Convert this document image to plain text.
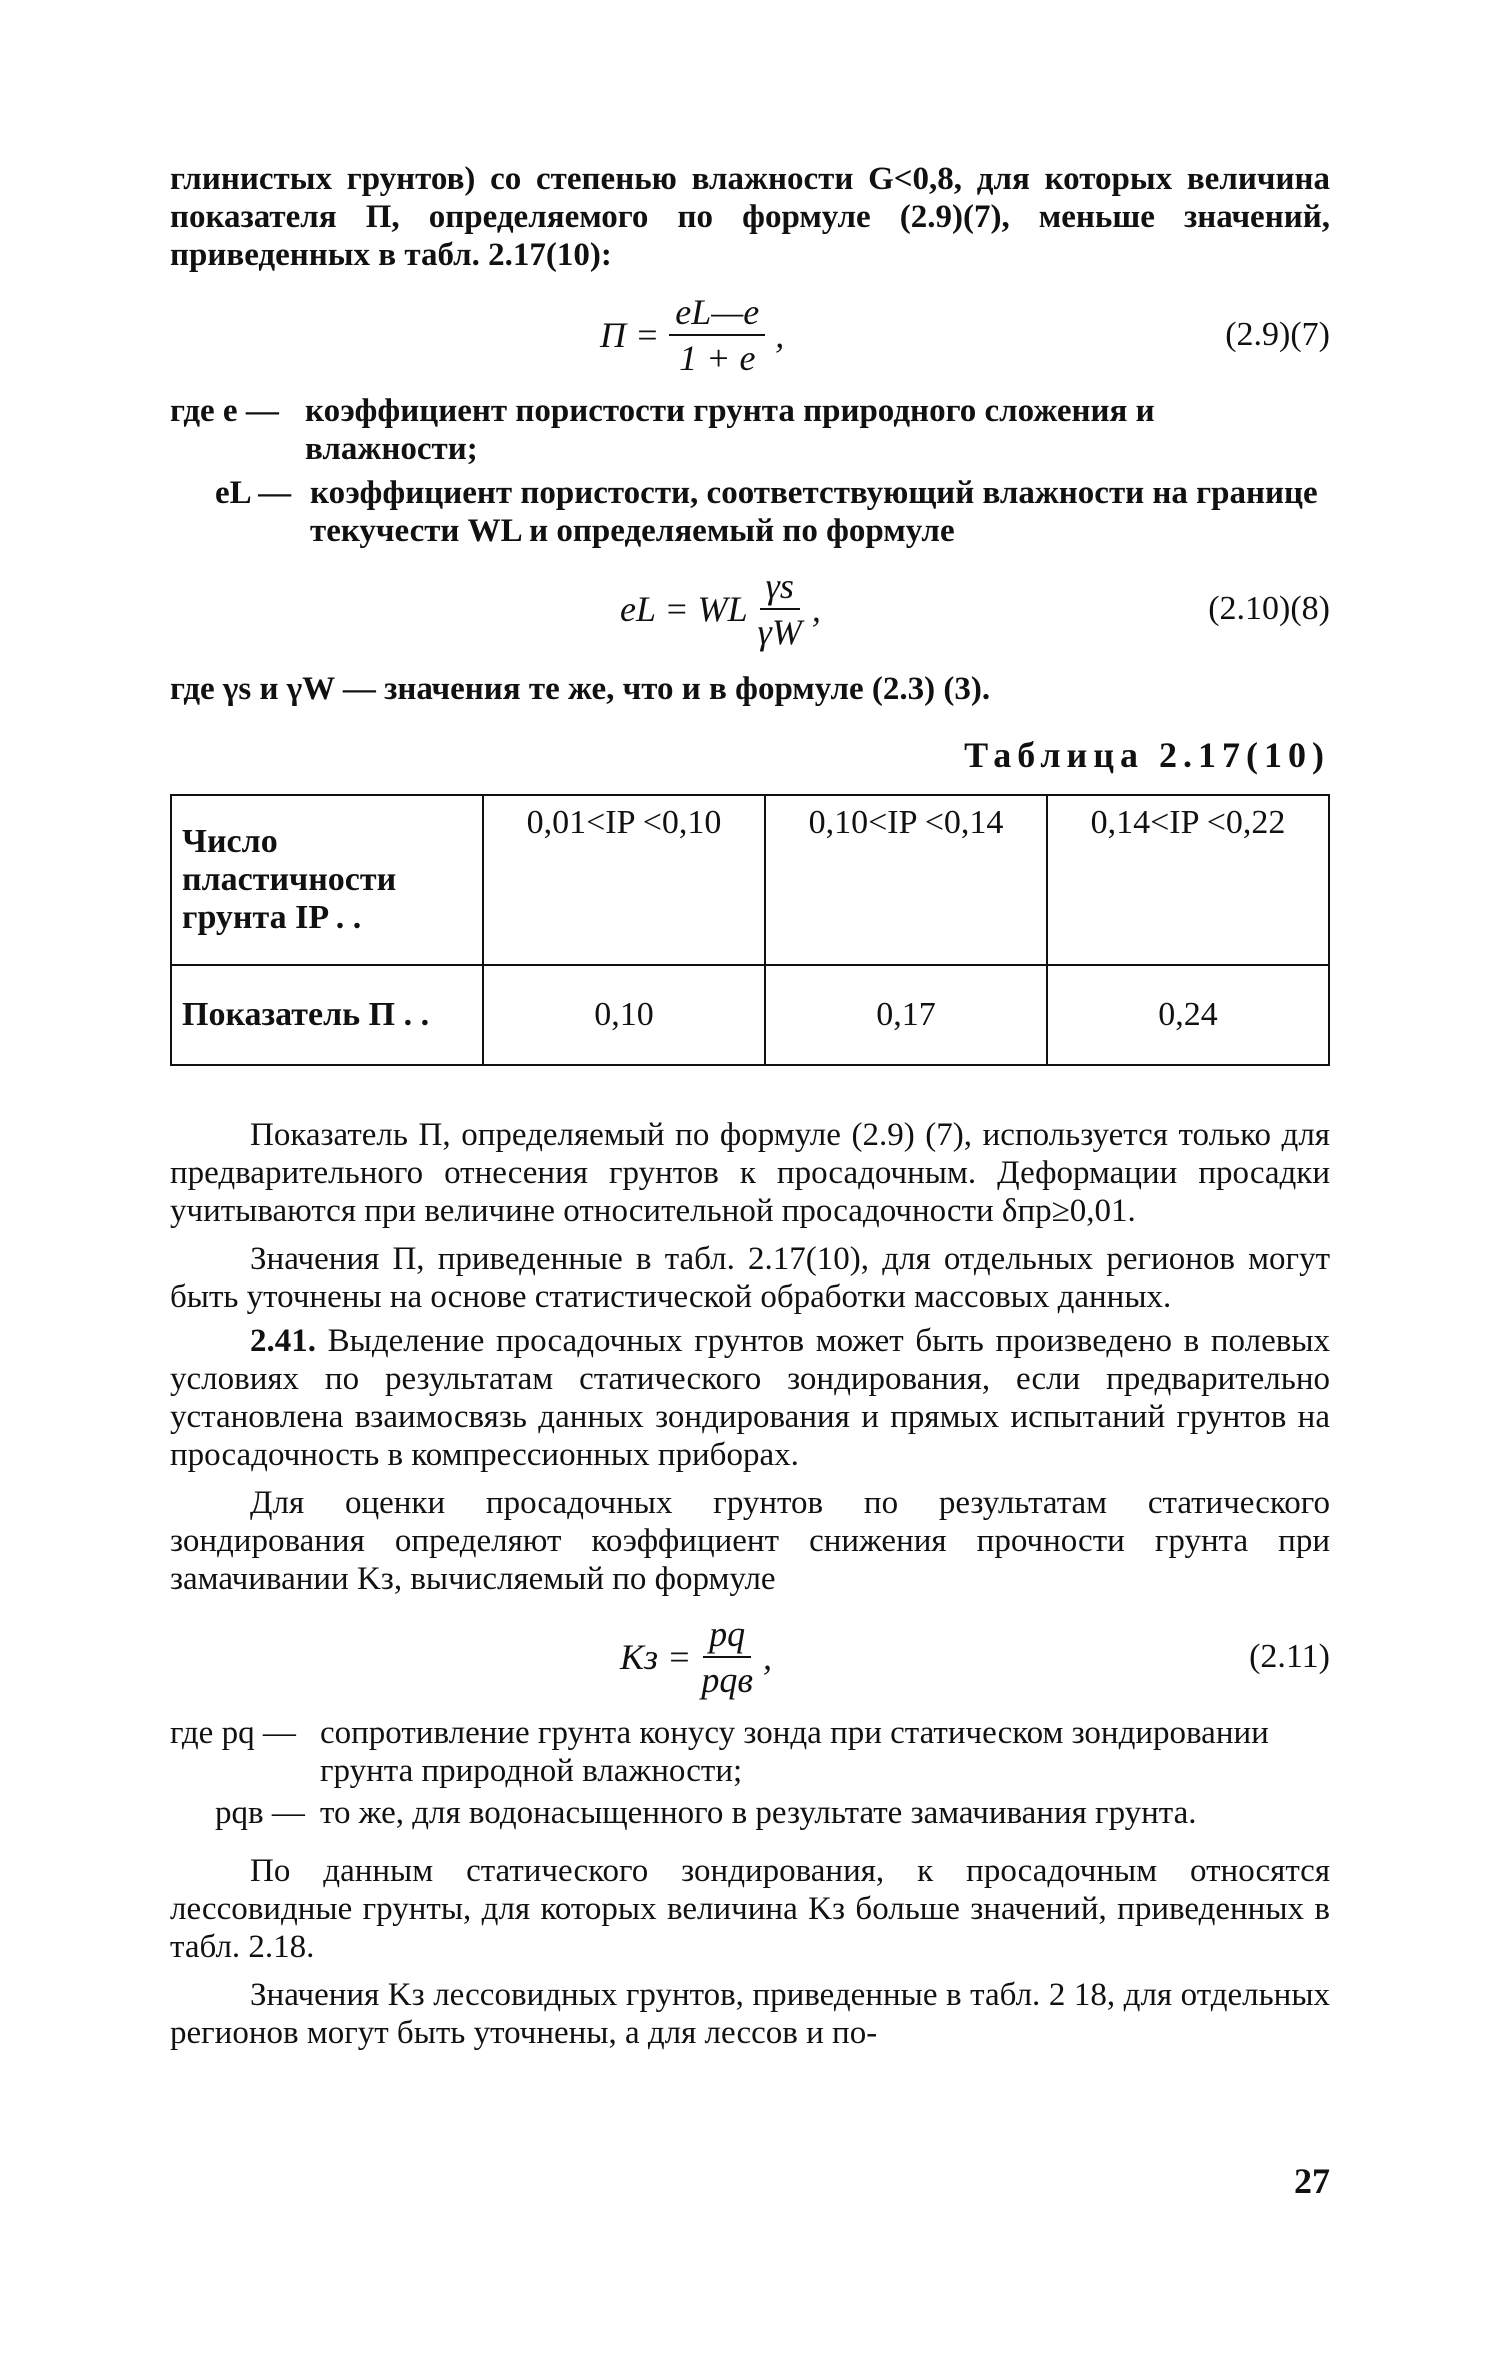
глинистых грунтов) со степенью влажности G<0,8, для которых величина показателя П, определяемого по формуле (2.9)(7), меньше значений, приведенных в табл. 2.17(10):

$П = \frac{eL—e}{1 + e}$ ,	(2.9)(7)
где e — коэффициент пористости грунта природного сложения и влажности;
eL — коэффициент пористости, соответствующий влажности на границе текучести WL и определяемый по формуле
eL = WL $\frac{\gamma s}{\gamma W}$ ,	(2.10)(8)

где γs и γW — значения те же, что и в формуле (2.3) (3).

Таблица 2.17(10)
Число пластичности грунта IP . .	0,01<IP <0,10	0,10<IP <0,14	0,14<IP <0,22
Показатель П . .	0,10	0,17	0,24

Показатель П, определяемый по формуле (2.9) (7), используется только для предварительного отнесения грунтов к просадочным. Деформации просадки учитываются при величине относительной просадочности δпр≥0,01.

Значения П, приведенные в табл. 2.17(10), для отдельных регионов могут быть уточнены на основе статистической обработки массовых данных.

2.41. Выделение просадочных грунтов может быть произведено в полевых условиях по результатам статического зондирования, если предварительно установлена взаимосвязь данных зондирования и прямых испытаний грунтов на просадочность в компрессионных приборах.

Для оценки просадочных грунтов по результатам статического зондирования определяют коэффициент снижения прочности грунта при замачивании Kз, вычисляемый по формуле

Kз = $\frac{pq}{\text{pqв}}$ ,	(2.11)
где pq — сопротивление грунта конусу зонда при статическом зондировании грунта природной влажности;
pqв — то же, для водонасыщенного в результате замачивания грунта.

По данным статического зондирования, к просадочным относятся лессовидные грунты, для которых величина Kз больше значений, приведенных в табл. 2.18.

Значения Kз лессовидных грунтов, приведенные в табл. 2 18, для отдельных регионов могут быть уточнены, а для лессов и по-

27
